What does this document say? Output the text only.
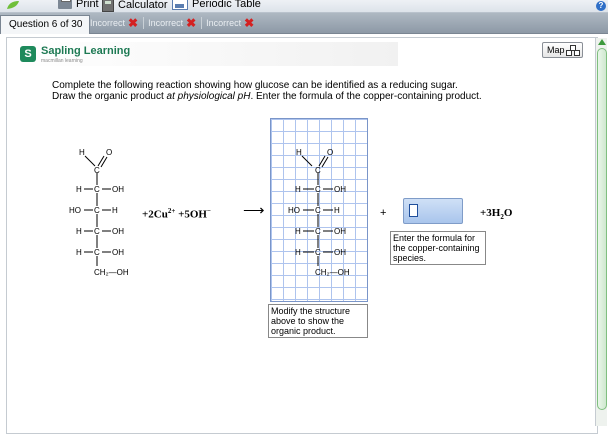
Print Calculator Periodic Table	?
Question 6 of 30 Incorrect ✖ Incorrect ✖ Incorrect ✖
S Sapling Learning
macmillan learning
Map
Complete the following reaction showing how glucose can be identified as a reducing sugar.
Draw the organic product at physiological pH. Enter the formula of the copper-containing product.
H	O
C
H C OH
HO C H
H C OH
H C OH
CH₂—OH
$+2Cu^{2+} +5OH^-$ ⟶
H	O
C
H C OH
HO C H
H C OH
H C OH
CH₂—OH
Modify the structure above to show the organic product.
+
Enter the formula for the copper-containing species.
$+3H_2O$
